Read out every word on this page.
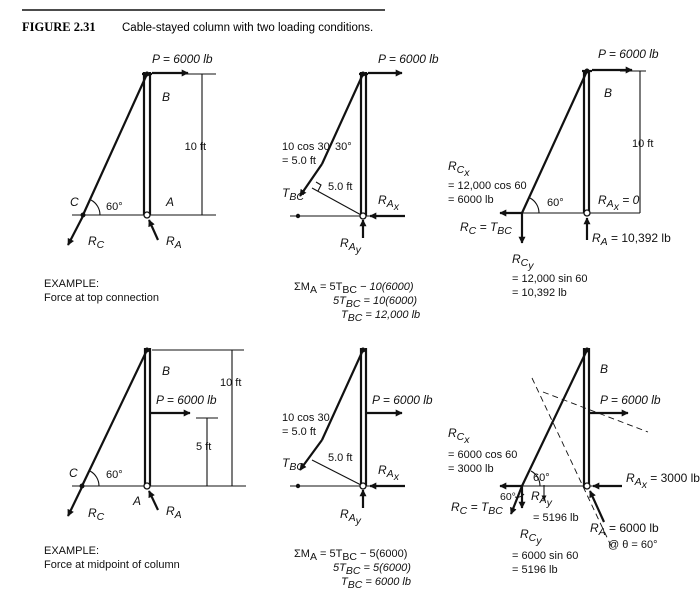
FIGURE 2.31 Cable-stayed column with two loading conditions.
P = 6000 lb
B
10 ft
60°
C	A
RC	RA
P = 6000 lb
10 cos 30
= 5.0 ft
30°
5.0 ft
TBC	RAx
RAy
P = 6000 lb
B
10 ft
60°
RCx
= 12,000 cos 60
= 6000 lb	RAx = 0
RC = TBC	RA = 10,392 lb
RCy
= 12,000 sin 60
= 10,392 lb
EXAMPLE:
Force at top connection
ΣMA = 5TBC − 10(6000)
5TBC = 10(6000)
TBC = 12,000 lb
B
10 ft
P = 6000 lb
5 ft
60°
C
A
RC	RA
P = 6000 lb
10 cos 30
= 5.0 ft
5.0 ft
TBC	RAx
RAy
B
P = 6000 lb
RCx
= 6000 cos 60
= 3000 lb
60°	RAx = 3000 lb
60° RAy
= 5196 lb
RC = TBC
RA = 6000 lb
@ θ = 60°
RCy
= 6000 sin 60
= 5196 lb
EXAMPLE:
Force at midpoint of column
ΣMA = 5TBC − 5(6000)
5TBC = 5(6000)
TBC = 6000 lb
